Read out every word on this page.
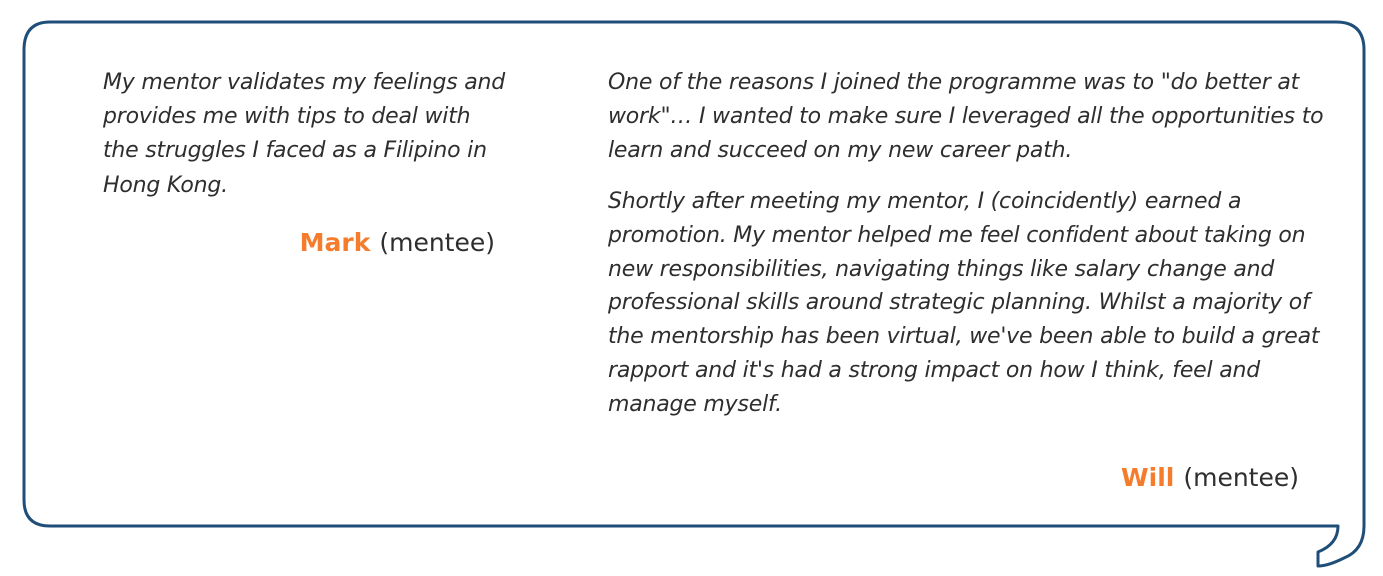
My mentor validates my feelings and provides me with tips to deal with the struggles I faced as a Filipino in Hong Kong.

Mark (mentee)

One of the reasons I joined the programme was to "do better at work"… I wanted to make sure I leveraged all the opportunities to learn and succeed on my new career path.

Shortly after meeting my mentor, I (coincidently) earned a promotion. My mentor helped me feel confident about taking on new responsibilities, navigating things like salary change and professional skills around strategic planning. Whilst a majority of the mentorship has been virtual, we've been able to build a great rapport and it's had a strong impact on how I think, feel and manage myself.

Will (mentee)
